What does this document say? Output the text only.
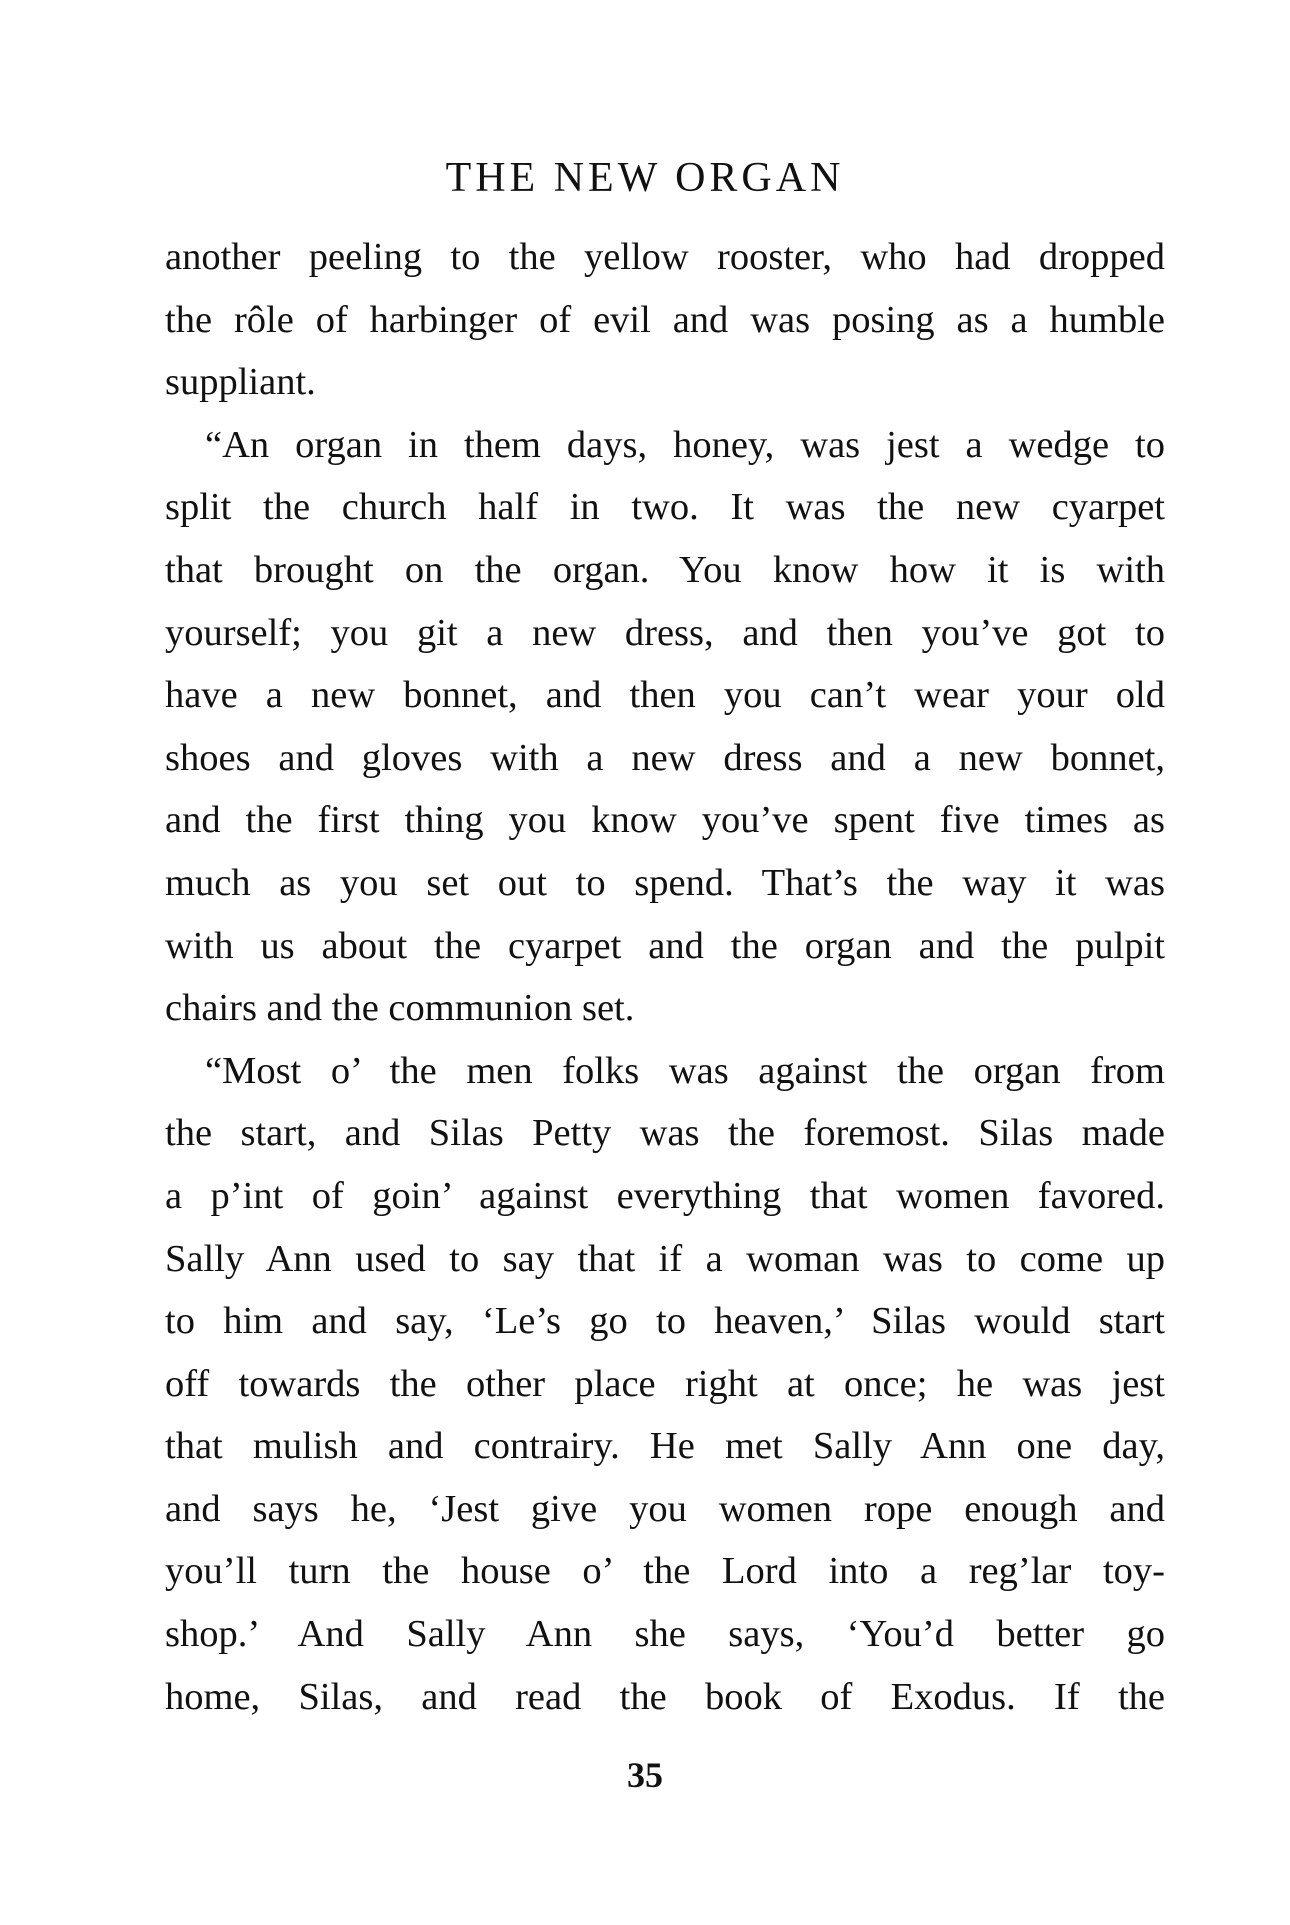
THE NEW ORGAN
another peeling to the yellow rooster, who had dropped
the rôle of harbinger of evil and was posing as a humble
suppliant.
“An organ in them days, honey, was jest a wedge to
split the church half in two. It was the new cyarpet
that brought on the organ. You know how it is with
yourself; you git a new dress, and then you’ve got to
have a new bonnet, and then you can’t wear your old
shoes and gloves with a new dress and a new bonnet,
and the first thing you know you’ve spent five times as
much as you set out to spend. That’s the way it was
with us about the cyarpet and the organ and the pulpit
chairs and the communion set.
“Most o’ the men folks was against the organ from
the start, and Silas Petty was the foremost. Silas made
a p’int of goin’ against everything that women favored.
Sally Ann used to say that if a woman was to come up
to him and say, ‘Le’s go to heaven,’ Silas would start
off towards the other place right at once; he was jest
that mulish and contrairy. He met Sally Ann one day,
and says he, ‘Jest give you women rope enough and
you’ll turn the house o’ the Lord into a reg’lar toy-
shop.’ And Sally Ann she says, ‘You’d better go
home, Silas, and read the book of Exodus. If the
35
